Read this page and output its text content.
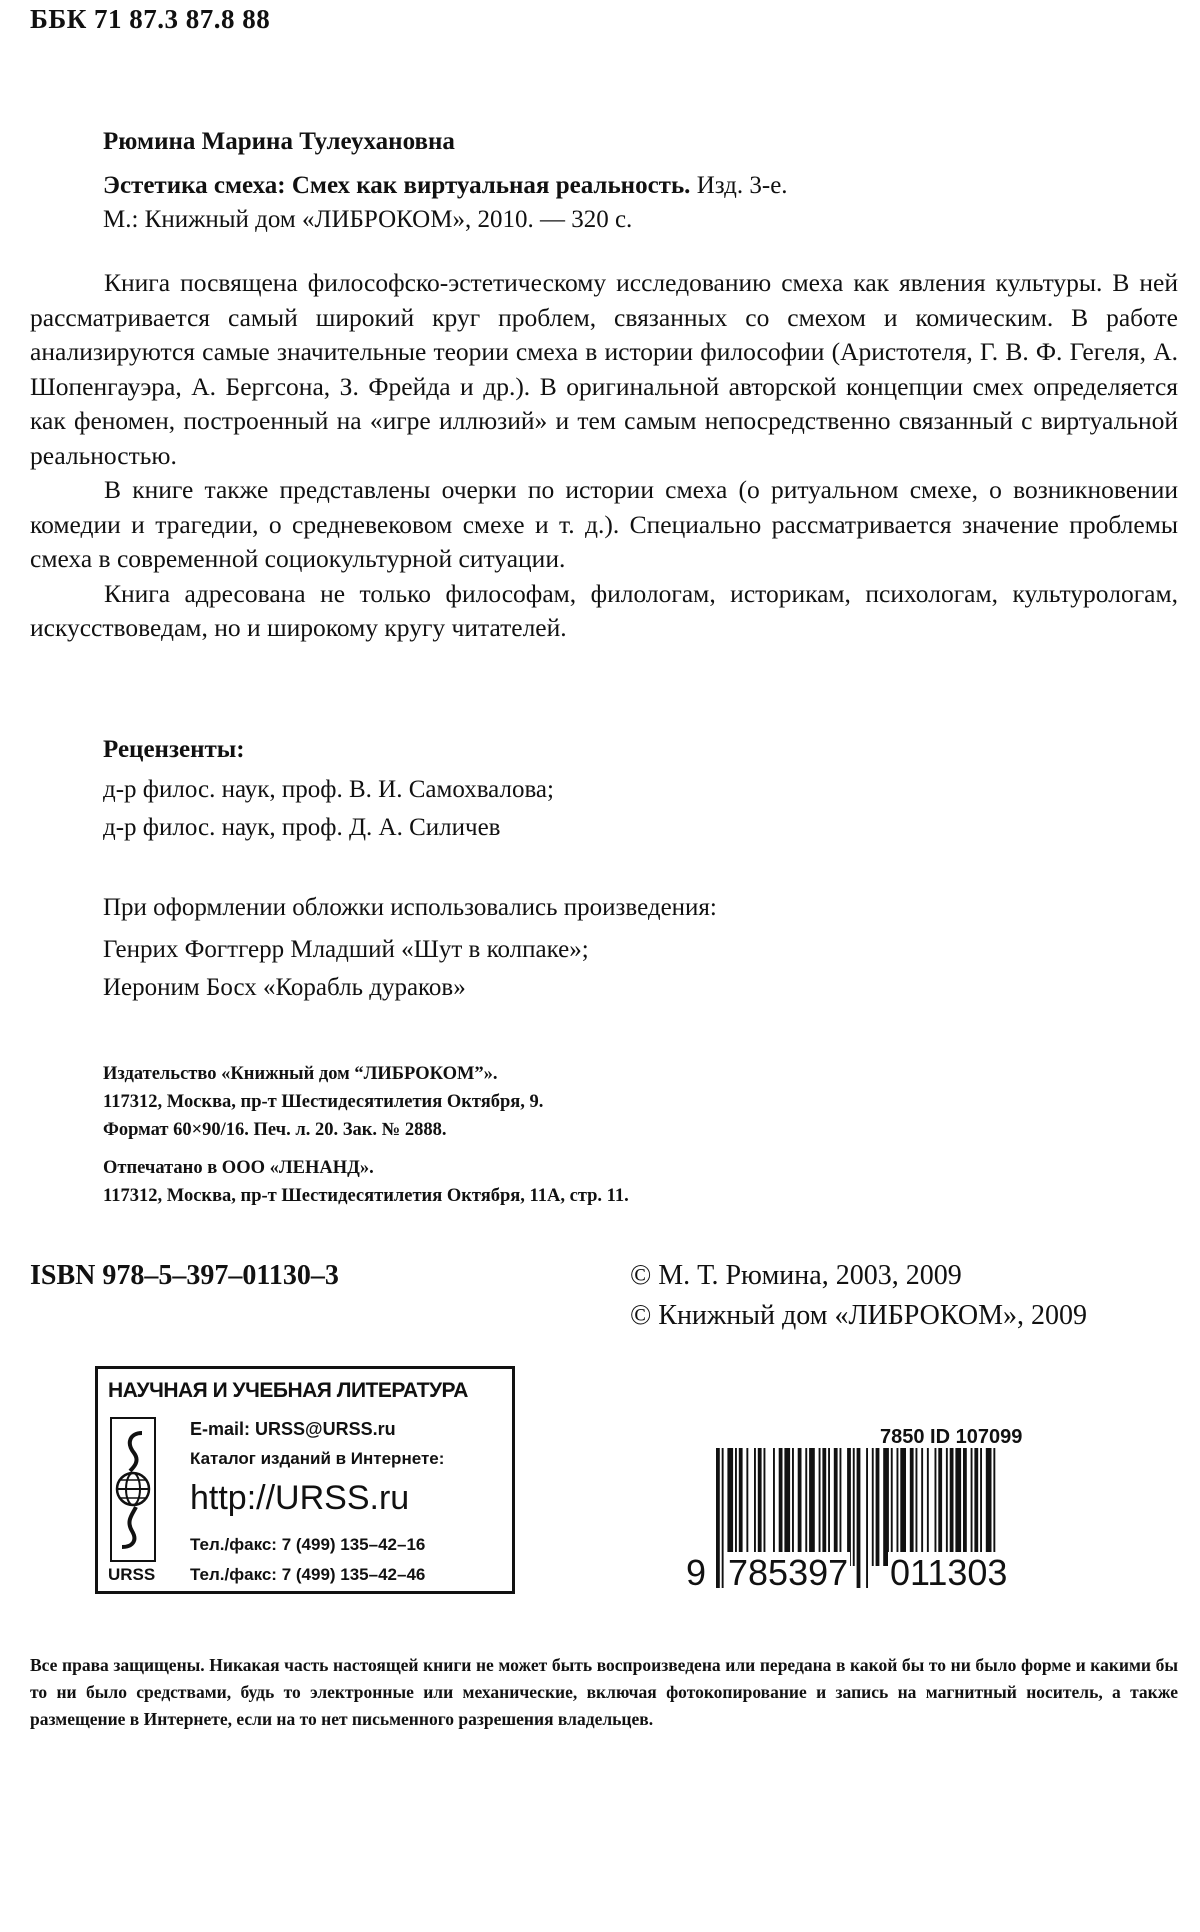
ББК 71 87.3 87.8 88
Рюмина Марина Тулеухановна
Эстетика смеха: Смех как виртуальная реальность. Изд. 3-е.
М.: Книжный дом «ЛИБРОКОМ», 2010. — 320 с.

Книга посвящена философско-эстетическому исследованию смеха как явления культуры. В ней рассматривается самый широкий круг проблем, связанных со смехом и комическим. В работе анализируются самые значительные теории смеха в истории философии (Аристотеля, Г. В. Ф. Гегеля, А. Шопенгауэра, А. Бергсона, З. Фрейда и др.). В оригинальной авторской концепции смех определяется как феномен, построенный на «игре иллюзий» и тем самым непосредственно связанный с виртуальной реальностью.

В книге также представлены очерки по истории смеха (о ритуальном смехе, о возникновении комедии и трагедии, о средневековом смехе и т. д.). Специально рассматривается значение проблемы смеха в современной социокультурной ситуации.

Книга адресована не только философам, филологам, историкам, психологам, культурологам, искусствоведам, но и широкому кругу читателей.

Рецензенты:
д-р филос. наук, проф. В. И. Самохвалова;
д-р филос. наук, проф. Д. А. Силичев
При оформлении обложки использовались произведения:
Генрих Фогтгерр Младший «Шут в колпаке»;
Иероним Босх «Корабль дураков»
Издательство «Книжный дом “ЛИБРОКОМ”».
117312, Москва, пр-т Шестидесятилетия Октября, 9.
Формат 60×90/16. Печ. л. 20. Зак. № 2888.
Отпечатано в ООО «ЛЕНАНД».
117312, Москва, пр-т Шестидесятилетия Октября, 11А, стр. 11.
ISBN 978–5–397–01130–3	© М. Т. Рюмина, 2003, 2009
© Книжный дом «ЛИБРОКОМ», 2009
НАУЧНАЯ И УЧЕБНАЯ ЛИТЕРАТУРА
URSS
E-mail: URSS@URSS.ru
Каталог изданий в Интернете:
http://URSS.ru
Тел./факс: 7 (499) 135–42–16
Тел./факс: 7 (499) 135–42–46
7850 ID 107099
9 785397 011303
Все права защищены. Никакая часть настоящей книги не может быть воспроизведена или передана в какой бы то ни было форме и какими бы то ни было средствами, будь то электронные или механические, включая фотокопирование и запись на магнитный носитель, а также размещение в Интернете, если на то нет письменного разрешения владельцев.
